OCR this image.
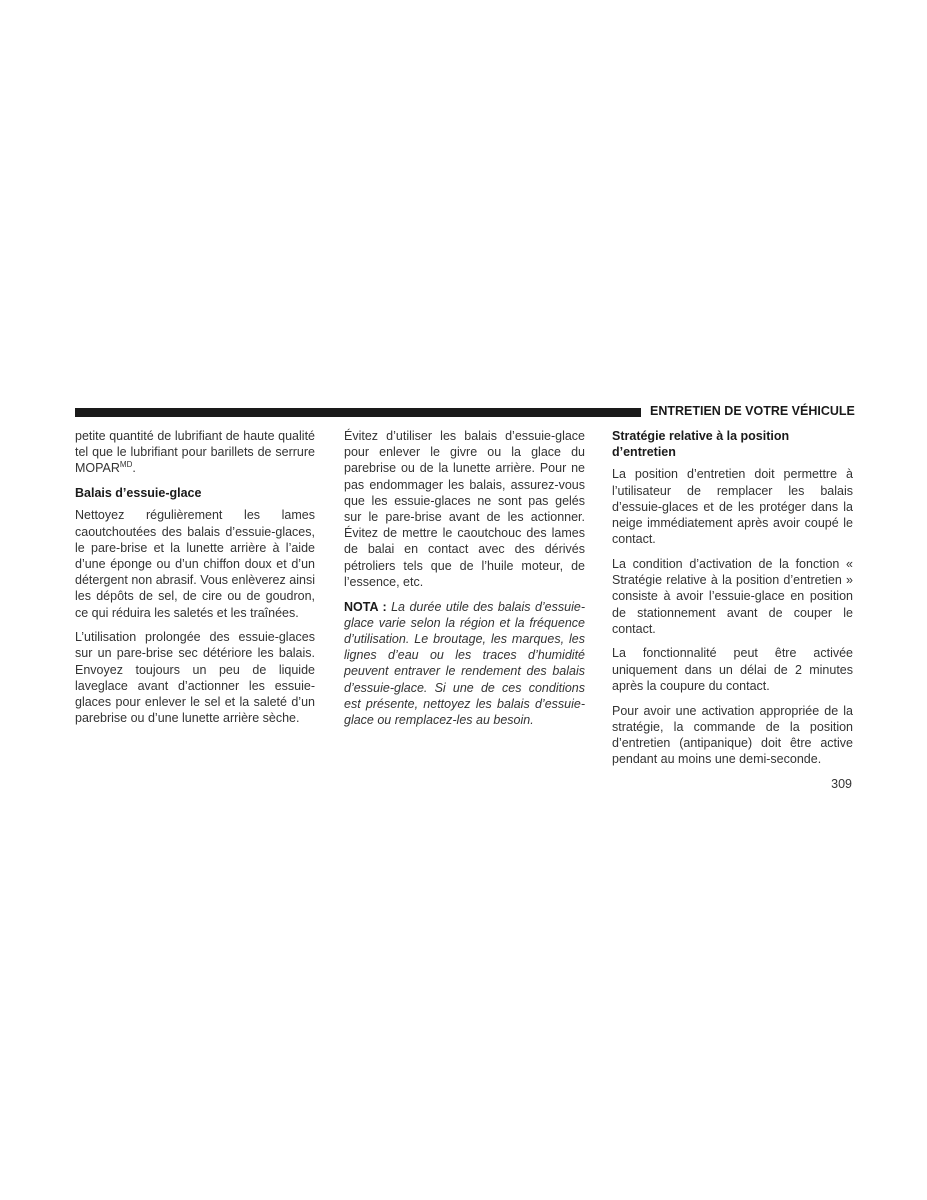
ENTRETIEN DE VOTRE VÉHICULE

petite quantité de lubrifiant de haute qualité tel que le lubrifiant pour barillets de serrure $MOPAR^{MD}$.

Balais d’essuie-glace

Nettoyez régulièrement les lames caoutchoutées des balais d’essuie-glaces, le pare-brise et la lunette arrière à l’aide d’une éponge ou d’un chiffon doux et d’un détergent non abrasif. Vous enlèverez ainsi les dépôts de sel, de cire ou de goudron, ce qui réduira les saletés et les traînées.

L’utilisation prolongée des essuie-glaces sur un pare-brise sec détériore les balais. Envoyez toujours un peu de liquide laveglace avant d’actionner les essuie-glaces pour enlever le sel et la saleté d’un parebrise ou d’une lunette arrière sèche.

Évitez d’utiliser les balais d’essuie-glace pour enlever le givre ou la glace du parebrise ou de la lunette arrière. Pour ne pas endommager les balais, assurez-vous que les essuie-glaces ne sont pas gelés sur le pare-brise avant de les actionner. Évitez de mettre le caoutchouc des lames de balai en contact avec des dérivés pétroliers tels que de l’huile moteur, de l’essence, etc.

NOTA : La durée utile des balais d’essuie-glace varie selon la région et la fréquence d’utilisation. Le broutage, les marques, les lignes d’eau ou les traces d’humidité peuvent entraver le rendement des balais d’essuie-glace. Si une de ces conditions est présente, nettoyez les balais d’essuie-glace ou remplacez-les au besoin.

Stratégie relative à la position d’entretien

La position d’entretien doit permettre à l’utilisateur de remplacer les balais d’essuie-glaces et de les protéger dans la neige immédiatement après avoir coupé le contact.

La condition d’activation de la fonction « Stratégie relative à la position d’entretien » consiste à avoir l’essuie-glace en position de stationnement avant de couper le contact.

La fonctionnalité peut être activée uniquement dans un délai de 2 minutes après la coupure du contact.

Pour avoir une activation appropriée de la stratégie, la commande de la position d’entretien (antipanique) doit être active pendant au moins une demi-seconde.

309
